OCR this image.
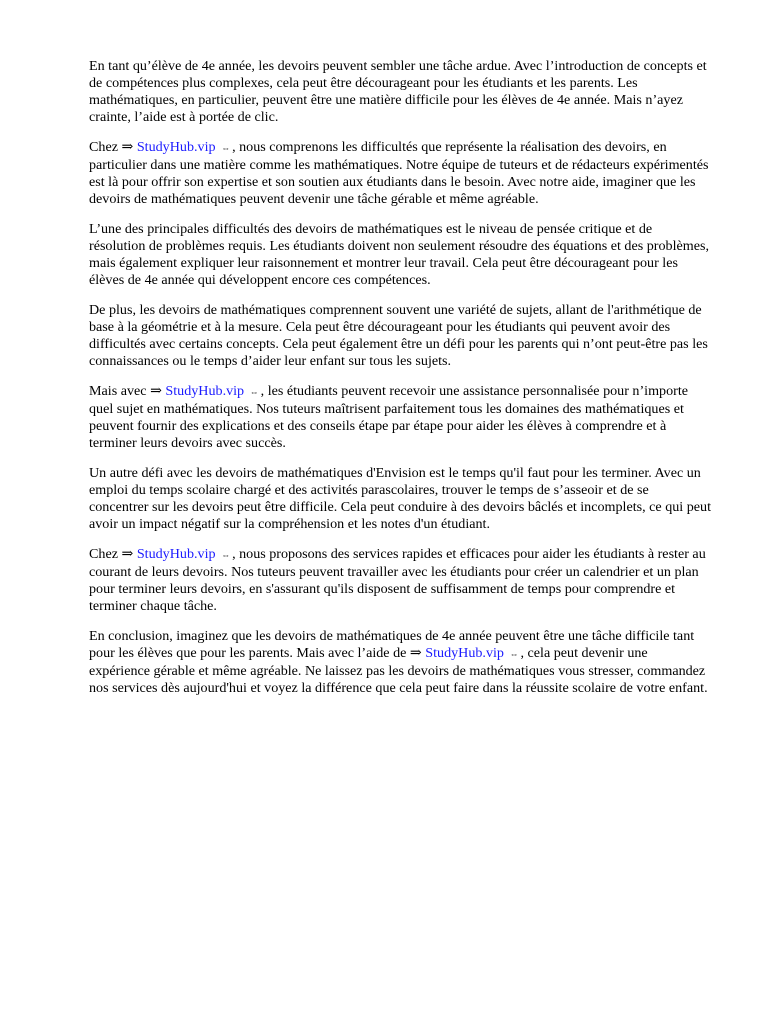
En tant qu’élève de 4e année, les devoirs peuvent sembler une tâche ardue. Avec l’introduction de concepts et de compétences plus complexes, cela peut être décourageant pour les étudiants et les parents. Les mathématiques, en particulier, peuvent être une matière difficile pour les élèves de 4e année. Mais n’ayez crainte, l’aide est à portée de clic.

Chez ⇒ StudyHub.vip ⇔ , nous comprenons les difficultés que représente la réalisation des devoirs, en particulier dans une matière comme les mathématiques. Notre équipe de tuteurs et de rédacteurs expérimentés est là pour offrir son expertise et son soutien aux étudiants dans le besoin. Avec notre aide, imaginer que les devoirs de mathématiques peuvent devenir une tâche gérable et même agréable.

L’une des principales difficultés des devoirs de mathématiques est le niveau de pensée critique et de résolution de problèmes requis. Les étudiants doivent non seulement résoudre des équations et des problèmes, mais également expliquer leur raisonnement et montrer leur travail. Cela peut être décourageant pour les élèves de 4e année qui développent encore ces compétences.

De plus, les devoirs de mathématiques comprennent souvent une variété de sujets, allant de l'arithmétique de base à la géométrie et à la mesure. Cela peut être décourageant pour les étudiants qui peuvent avoir des difficultés avec certains concepts. Cela peut également être un défi pour les parents qui n’ont peut-être pas les connaissances ou le temps d’aider leur enfant sur tous les sujets.

Mais avec ⇒ StudyHub.vip ⇔ , les étudiants peuvent recevoir une assistance personnalisée pour n’importe quel sujet en mathématiques. Nos tuteurs maîtrisent parfaitement tous les domaines des mathématiques et peuvent fournir des explications et des conseils étape par étape pour aider les élèves à comprendre et à terminer leurs devoirs avec succès.

Un autre défi avec les devoirs de mathématiques d'Envision est le temps qu'il faut pour les terminer. Avec un emploi du temps scolaire chargé et des activités parascolaires, trouver le temps de s’asseoir et de se concentrer sur les devoirs peut être difficile. Cela peut conduire à des devoirs bâclés et incomplets, ce qui peut avoir un impact négatif sur la compréhension et les notes d'un étudiant.

Chez ⇒ StudyHub.vip ⇔ , nous proposons des services rapides et efficaces pour aider les étudiants à rester au courant de leurs devoirs. Nos tuteurs peuvent travailler avec les étudiants pour créer un calendrier et un plan pour terminer leurs devoirs, en s'assurant qu'ils disposent de suffisamment de temps pour comprendre et terminer chaque tâche.

En conclusion, imaginez que les devoirs de mathématiques de 4e année peuvent être une tâche difficile tant pour les élèves que pour les parents. Mais avec l’aide de ⇒ StudyHub.vip ⇔ , cela peut devenir une expérience gérable et même agréable. Ne laissez pas les devoirs de mathématiques vous stresser, commandez nos services dès aujourd'hui et voyez la différence que cela peut faire dans la réussite scolaire de votre enfant.
